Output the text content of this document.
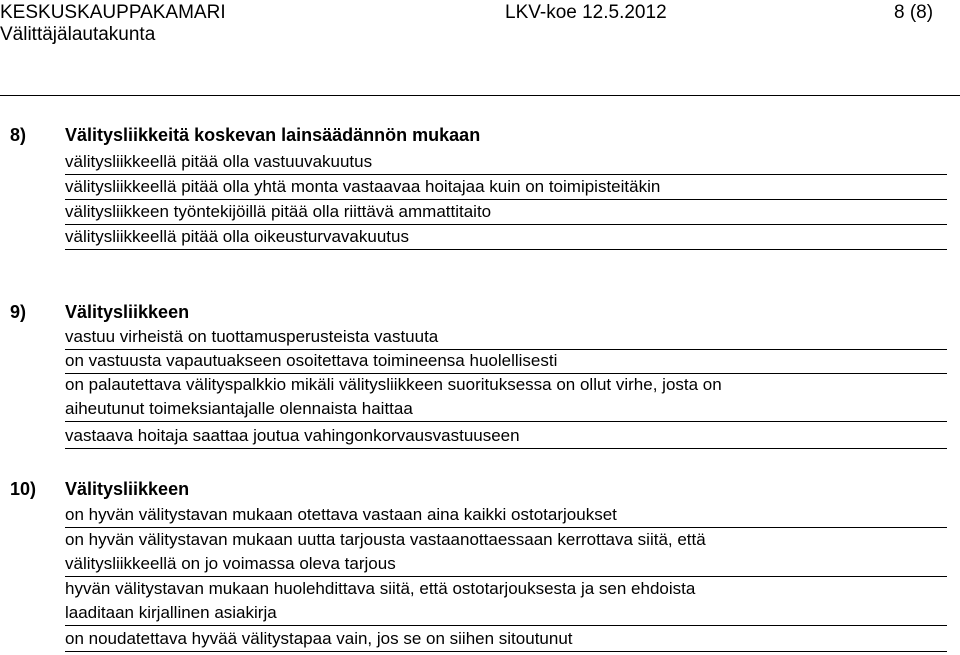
KESKUSKAUPPAKAMARI	LKV-koe 12.5.2012	8 (8)
Välittäjälautakunta
8) Välitysliikkeitä koskevan lainsäädännön mukaan
välitysliikkeellä pitää olla vastuuvakuutus
välitysliikkeellä pitää olla yhtä monta vastaavaa hoitajaa kuin on toimipisteitäkin
välitysliikkeen työntekijöillä pitää olla riittävä ammattitaito
välitysliikkeellä pitää olla oikeusturvavakuutus
9) Välitysliikkeen
vastuu virheistä on tuottamusperusteista vastuuta
on vastuusta vapautuakseen osoitettava toimineensa huolellisesti
on palautettava välityspalkkio mikäli välitysliikkeen suorituksessa on ollut virhe, josta on
aiheutunut toimeksiantajalle olennaista haittaa
vastaava hoitaja saattaa joutua vahingonkorvausvastuuseen
10) Välitysliikkeen
on hyvän välitystavan mukaan otettava vastaan aina kaikki ostotarjoukset
on hyvän välitystavan mukaan uutta tarjousta vastaanottaessaan kerrottava siitä, että
välitysliikkeellä on jo voimassa oleva tarjous
hyvän välitystavan mukaan huolehdittava siitä, että ostotarjouksesta ja sen ehdoista
laaditaan kirjallinen asiakirja
on noudatettava hyvää välitystapaa vain, jos se on siihen sitoutunut
